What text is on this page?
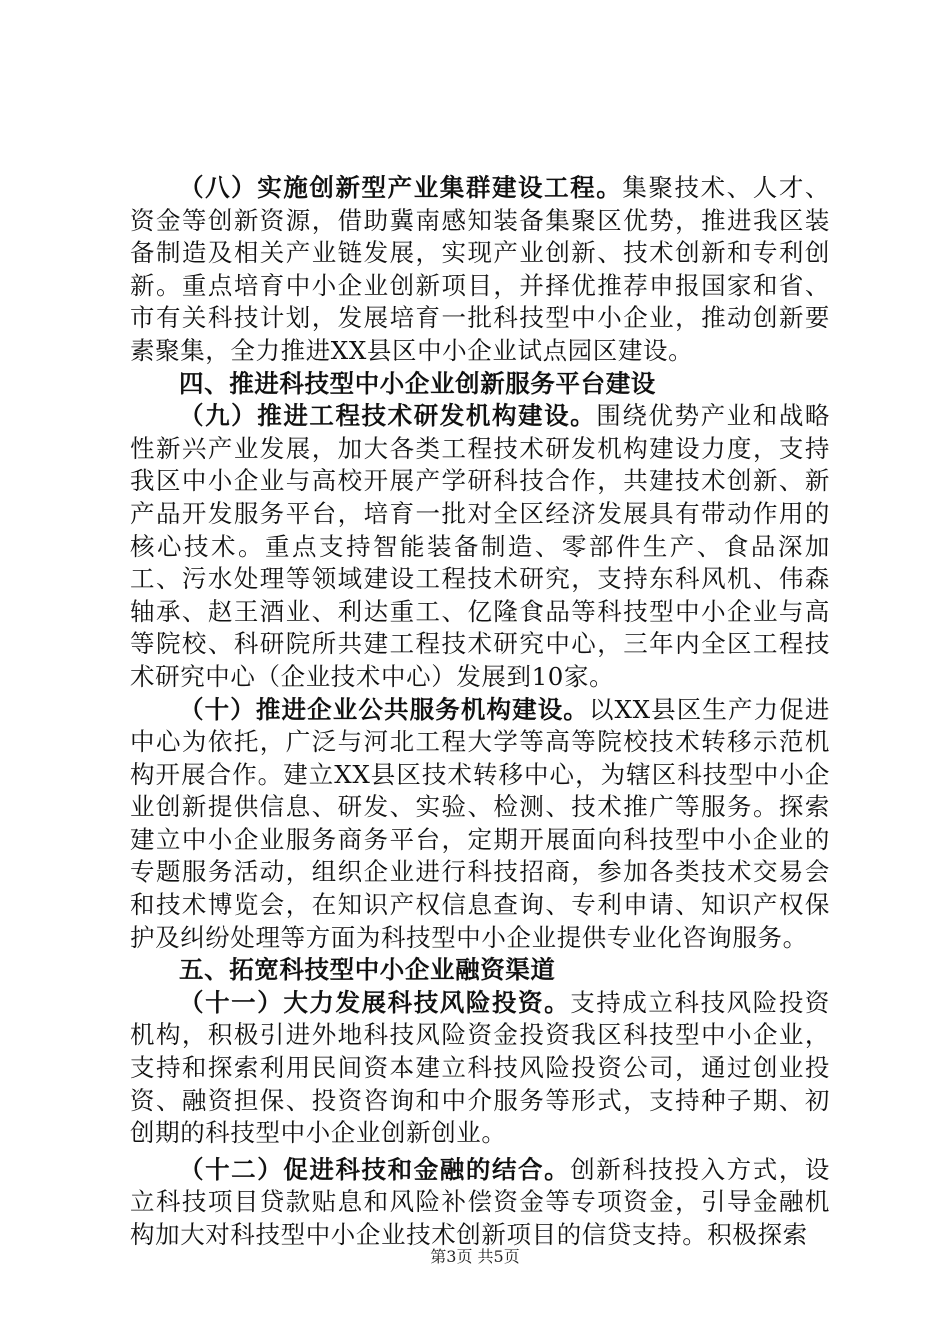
（八）实施创新型产业集群建设工程。集聚技术、人才、资金等创新资源，借助冀南感知装备集聚区优势，推进我区装备制造及相关产业链发展，实现产业创新、技术创新和专利创新。重点培育中小企业创新项目，并择优推荐申报国家和省、市有关科技计划，发展培育一批科技型中小企业，推动创新要素聚集，全力推进XX县区中小企业试点园区建设。

四、推进科技型中小企业创新服务平台建设

（九）推进工程技术研发机构建设。围绕优势产业和战略性新兴产业发展，加大各类工程技术研发机构建设力度，支持我区中小企业与高校开展产学研科技合作，共建技术创新、新产品开发服务平台，培育一批对全区经济发展具有带动作用的核心技术。重点支持智能装备制造、零部件生产、食品深加工、污水处理等领域建设工程技术研究，支持东科风机、伟森轴承、赵王酒业、利达重工、亿隆食品等科技型中小企业与高等院校、科研院所共建工程技术研究中心，三年内全区工程技术研究中心（企业技术中心）发展到10家。

（十）推进企业公共服务机构建设。以XX县区生产力促进中心为依托，广泛与河北工程大学等高等院校技术转移示范机构开展合作。建立XX县区技术转移中心，为辖区科技型中小企业创新提供信息、研发、实验、检测、技术推广等服务。探索建立中小企业服务商务平台，定期开展面向科技型中小企业的专题服务活动，组织企业进行科技招商，参加各类技术交易会和技术博览会，在知识产权信息查询、专利申请、知识产权保护及纠纷处理等方面为科技型中小企业提供专业化咨询服务。

五、拓宽科技型中小企业融资渠道

（十一）大力发展科技风险投资。支持成立科技风险投资机构，积极引进外地科技风险资金投资我区科技型中小企业，支持和探索利用民间资本建立科技风险投资公司，通过创业投资、融资担保、投资咨询和中介服务等形式，支持种子期、初创期的科技型中小企业创新创业。

（十二）促进科技和金融的结合。创新科技投入方式，设立科技项目贷款贴息和风险补偿资金等专项资金，引导金融机构加大对科技型中小企业技术创新项目的信贷支持。积极探索

第3页 共5页
